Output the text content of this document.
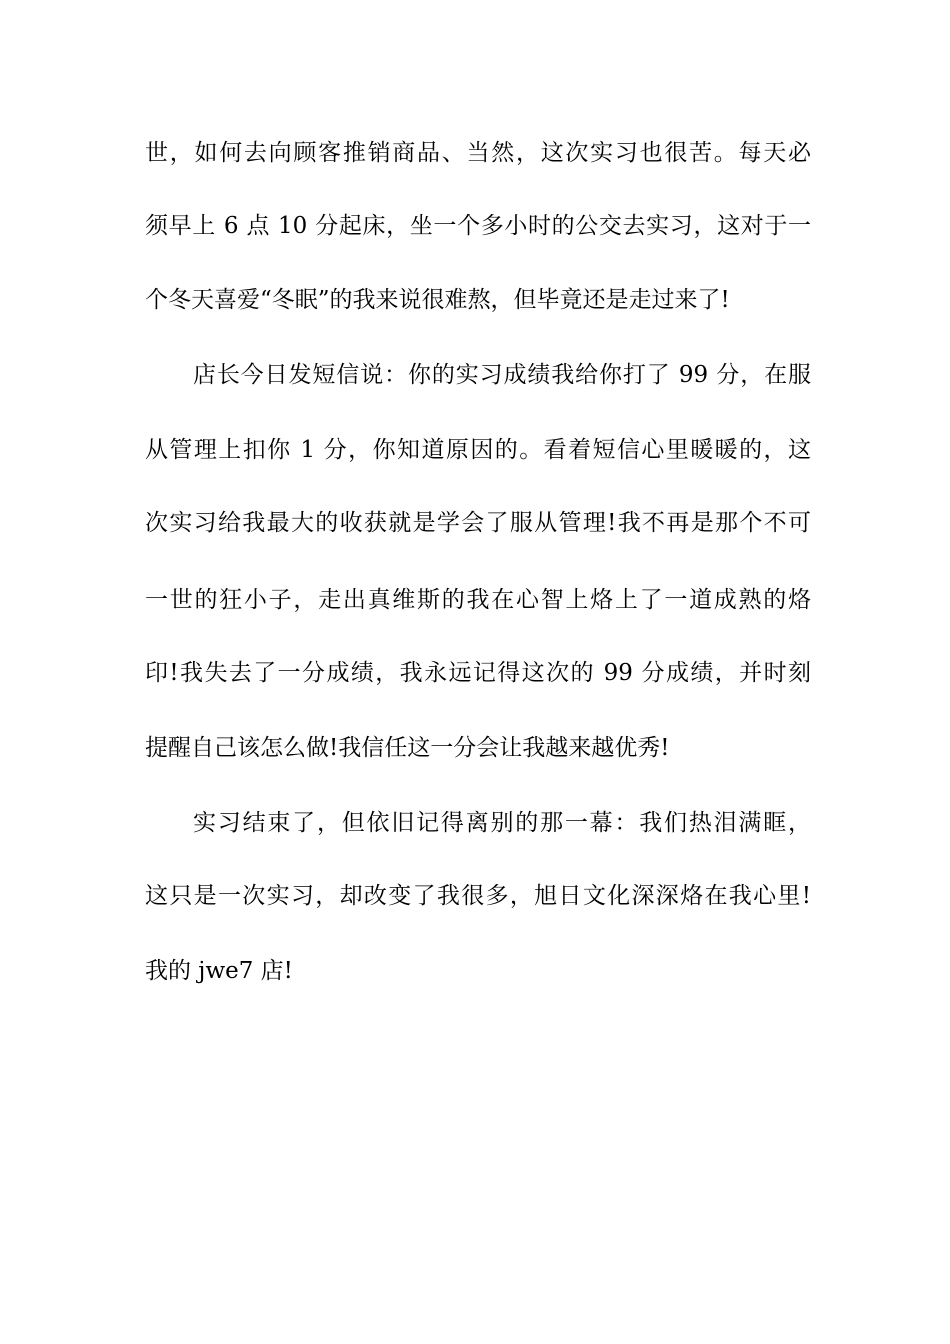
世，如何去向顾客推销商品、当然，这次实习也很苦。每天必
须早上 6 点 10 分起床，坐一个多小时的公交去实习，这对于一
个冬天喜爱“冬眠”的我来说很难熬，但毕竟还是走过来了!
店长今日发短信说：你的实习成绩我给你打了 99 分，在服
从管理上扣你 1 分，你知道原因的。看着短信心里暖暖的，这
次实习给我最大的收获就是学会了服从管理!我不再是那个不可
一世的狂小子，走出真维斯的我在心智上烙上了一道成熟的烙
印!我失去了一分成绩，我永远记得这次的 99 分成绩，并时刻
提醒自己该怎么做!我信任这一分会让我越来越优秀!
实习结束了，但依旧记得离别的那一幕：我们热泪满眶，
这只是一次实习，却改变了我很多，旭日文化深深烙在我心里!
我的 jwe7 店!
